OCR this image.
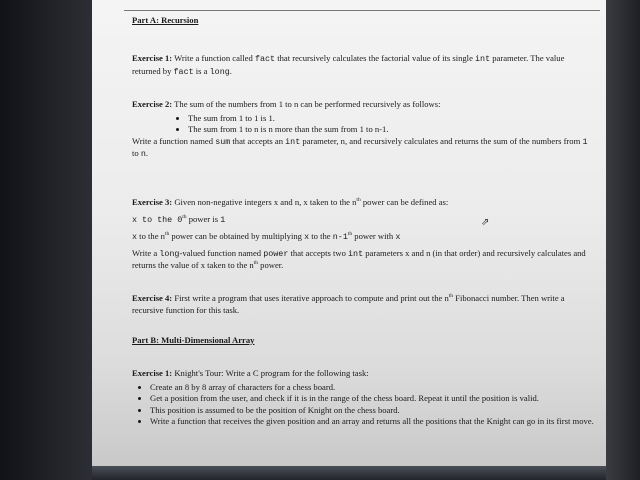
Part A: Recursion

Exercise 1: Write a function called fact that recursively calculates the factorial value of its single int parameter. The value returned by fact is a long.

Exercise 2: The sum of the numbers from 1 to n can be performed recursively as follows:

• The sum from 1 to 1 is 1.
• The sum from 1 to n is n more than the sum from 1 to n-1.

Write a function named sum that accepts an int parameter, n, and recursively calculates and returns the sum of the numbers from 1 to n.

Exercise 3: Given non-negative integers x and n, x taken to the $n^{th}$ power can be defined as:

x to the 0th power is 1

x to the $n^{th}$ power can be obtained by multiplying x to the n-1th power with x

Write a long-valued function named power that accepts two int parameters x and n (in that order) and recursively calculates and returns the value of x taken to the $n^{th}$ power.

Exercise 4: First write a program that uses iterative approach to compute and print out the $n^{th}$ Fibonacci number. Then write a recursive function for this task.

Part B: Multi-Dimensional Array

Exercise 1: Knight's Tour: Write a C program for the following task:

• Create an 8 by 8 array of characters for a chess board.
• Get a position from the user, and check if it is in the range of the chess board. Repeat it until the position is valid.
• This position is assumed to be the position of Knight on the chess board.
• Write a function that receives the given position and an array and returns all the positions that the Knight can go in its first move.
⇗
